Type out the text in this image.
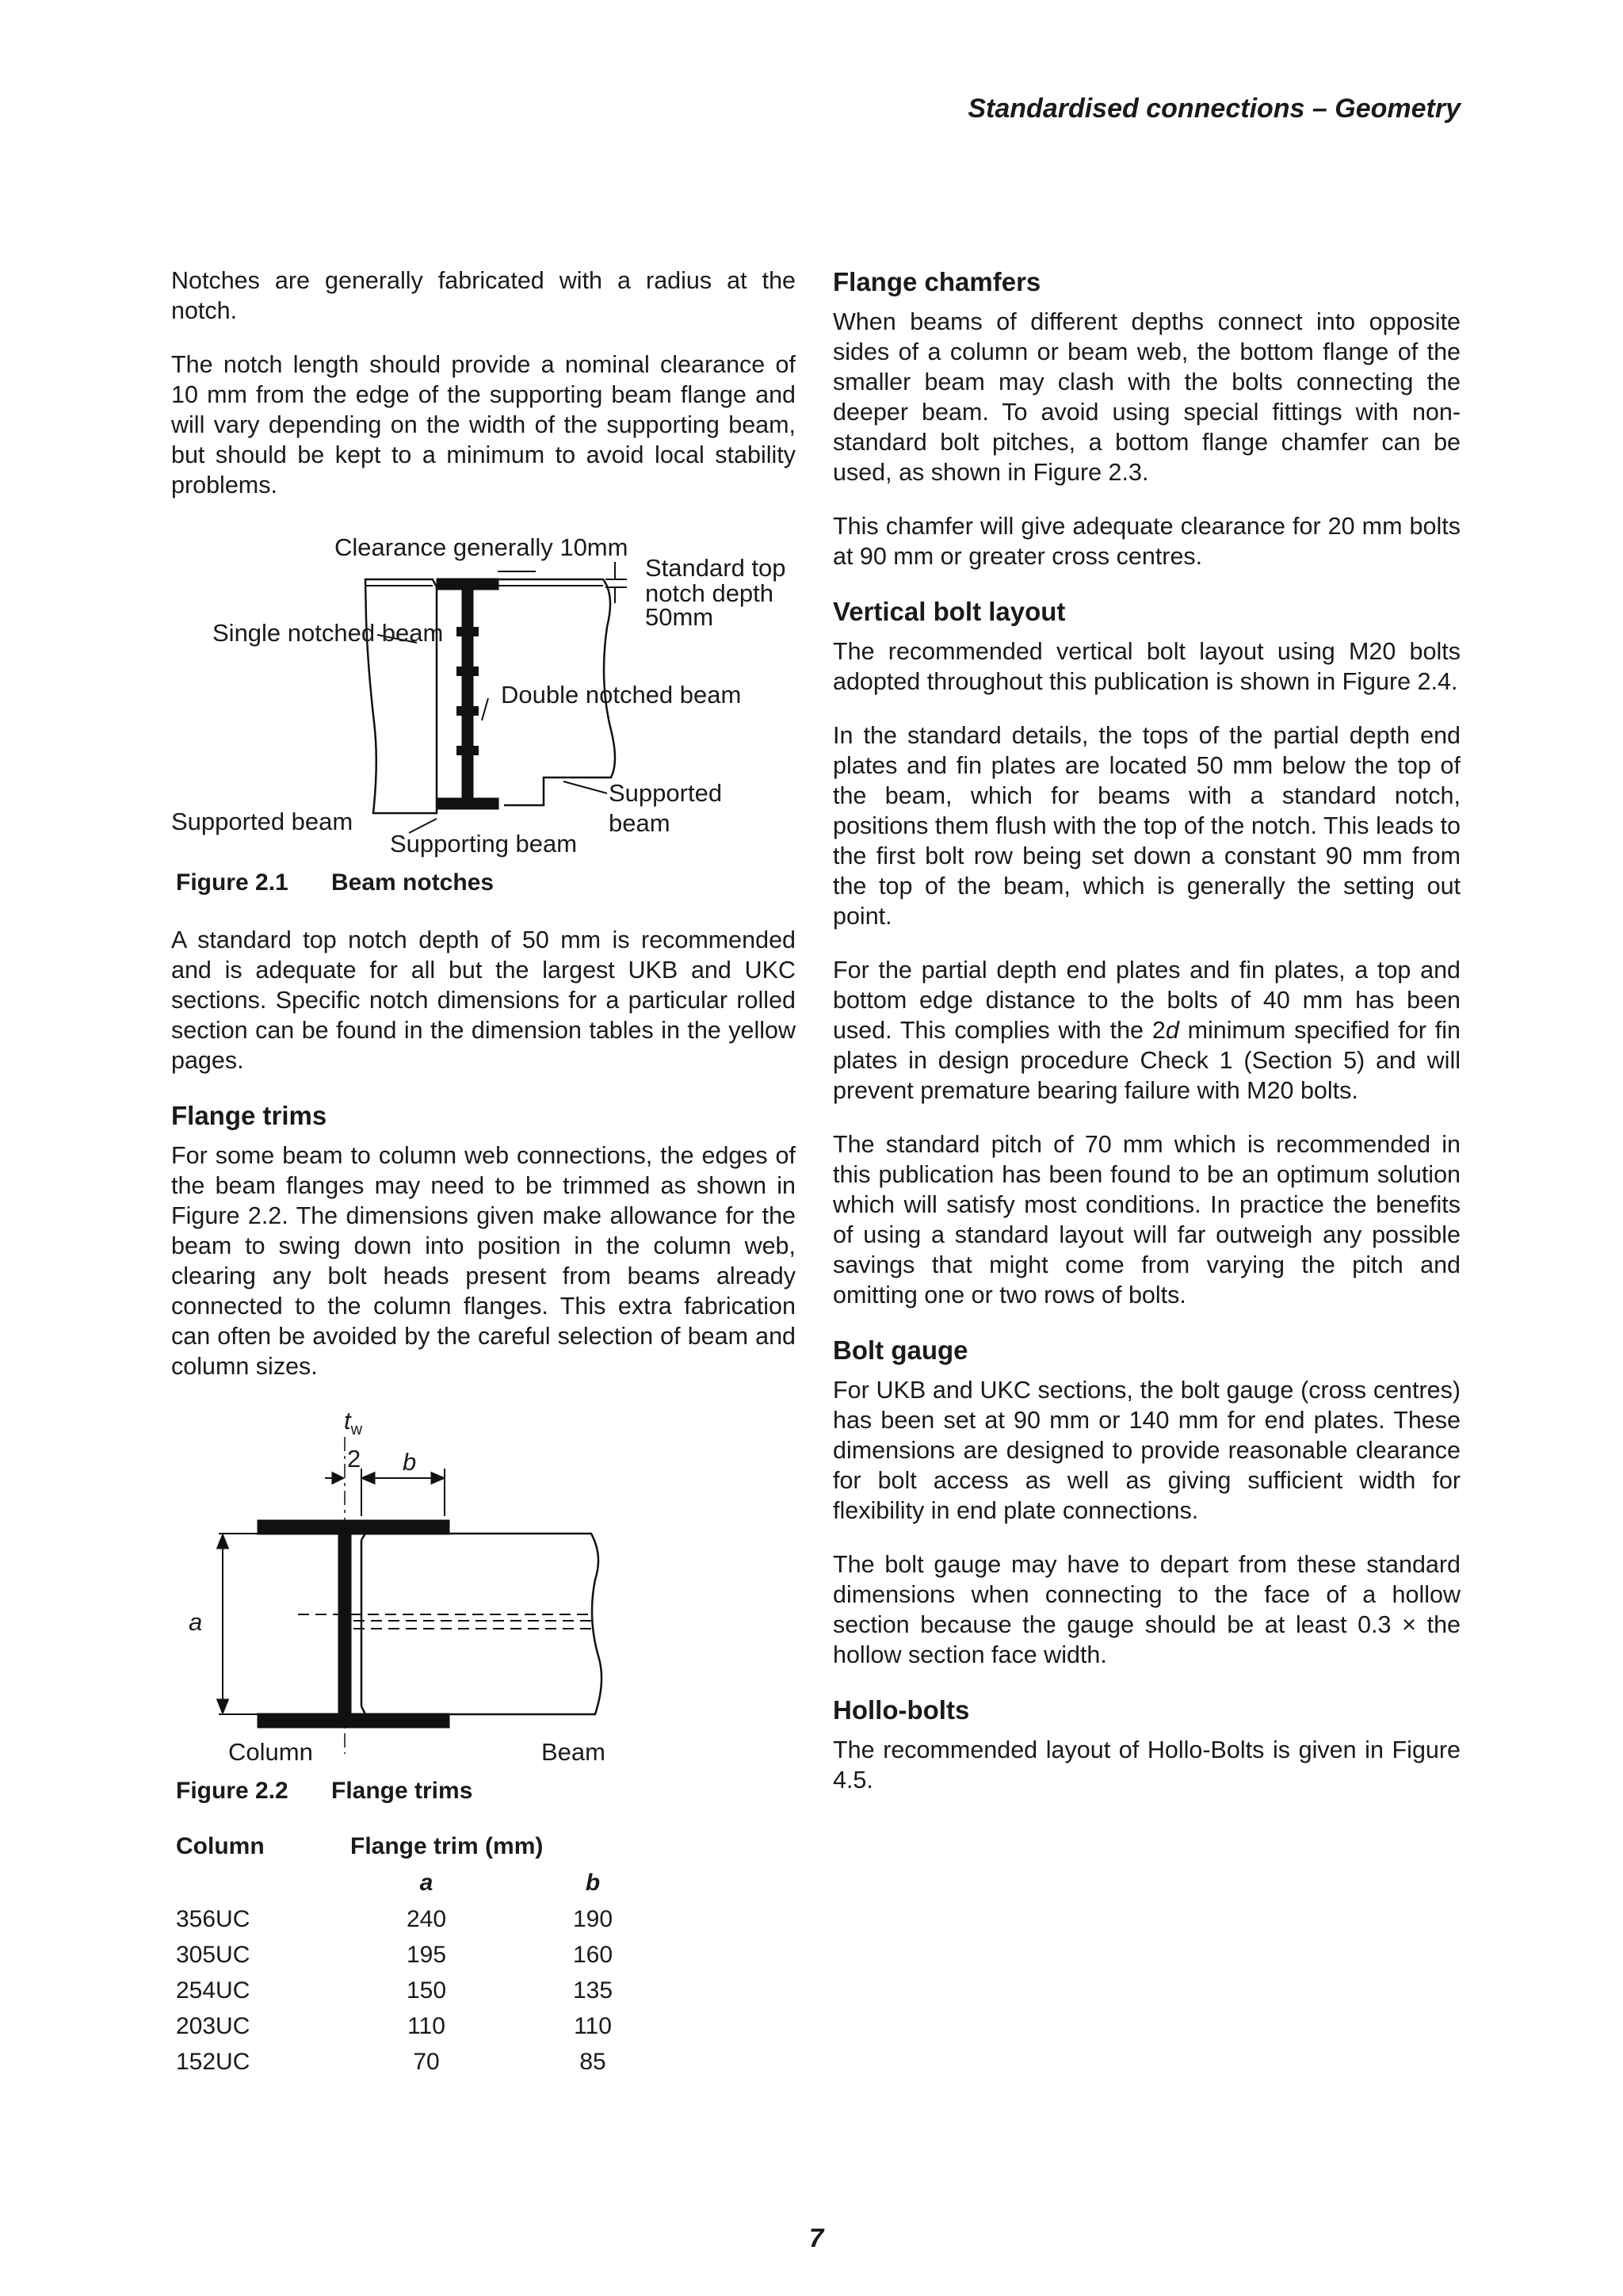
Standardised connections – Geometry

Notches are generally fabricated with a radius at the notch.

The notch length should provide a nominal clearance of 10 mm from the edge of the supporting beam flange and will vary depending on the width of the supporting beam, but should be kept to a minimum to avoid local stability problems.

Clearance generally 10mm
Standard top
notch depth
50mm
Single notched beam
Double notched beam
Supported beam
Supported
beam
Supporting beam
Figure 2.1 Beam notches

A standard top notch depth of 50 mm is recommended and is adequate for all but the largest UKB and UKC sections. Specific notch dimensions for a particular rolled section can be found in the dimension tables in the yellow pages.

Flange trims

For some beam to column web connections, the edges of the beam flanges may need to be trimmed as shown in Figure 2.2. The dimensions given make allowance for the beam to swing down into position in the column web, clearing any bolt heads present from beams already connected to the column flanges. This extra fabrication can often be avoided by the careful selection of beam and column sizes.

$t_w$
2 b
a
Column	Beam
Figure 2.2 Flange trims
Column	Flange trim (mm)	
	a	b
356UC	240	190
305UC	195	160
254UC	150	135
203UC	110	110
152UC	70	85
Flange chamfers

When beams of different depths connect into opposite sides of a column or beam web, the bottom flange of the smaller beam may clash with the bolts connecting the deeper beam. To avoid using special fittings with non-standard bolt pitches, a bottom flange chamfer can be used, as shown in Figure 2.3.

This chamfer will give adequate clearance for 20 mm bolts at 90 mm or greater cross centres.

Vertical bolt layout

The recommended vertical bolt layout using M20 bolts adopted throughout this publication is shown in Figure 2.4.

In the standard details, the tops of the partial depth end plates and fin plates are located 50 mm below the top of the beam, which for beams with a standard notch, positions them flush with the top of the notch. This leads to the first bolt row being set down a constant 90 mm from the top of the beam, which is generally the setting out point.

For the partial depth end plates and fin plates, a top and bottom edge distance to the bolts of 40 mm has been used. This complies with the 2d minimum specified for fin plates in design procedure Check 1 (Section 5) and will prevent premature bearing failure with M20 bolts.

The standard pitch of 70 mm which is recommended in this publication has been found to be an optimum solution which will satisfy most conditions. In practice the benefits of using a standard layout will far outweigh any possible savings that might come from varying the pitch and omitting one or two rows of bolts.

Bolt gauge

For UKB and UKC sections, the bolt gauge (cross centres) has been set at 90 mm or 140 mm for end plates. These dimensions are designed to provide reasonable clearance for bolt access as well as giving sufficient width for flexibility in end plate connections.

The bolt gauge may have to depart from these standard dimensions when connecting to the face of a hollow section because the gauge should be at least 0.3 × the hollow section face width.

Hollo-bolts

The recommended layout of Hollo-Bolts is given in Figure 4.5.

7
